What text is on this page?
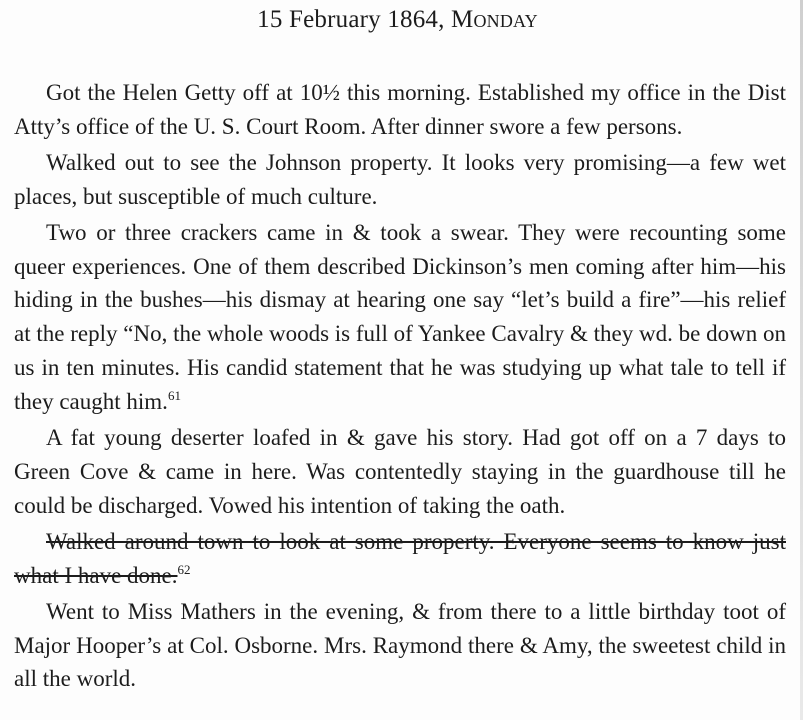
15 February 1864, Monday

Got the Helen Getty off at 10½ this morning. Established my office in the Dist Atty’s office of the U. S. Court Room. After dinner swore a few persons.

Walked out to see the Johnson property. It looks very promising—a few wet places, but susceptible of much culture.

Two or three crackers came in & took a swear. They were recounting some queer experiences. One of them described Dickinson’s men coming after him—his hiding in the bushes—his dismay at hearing one say “let’s build a fire”—his relief at the reply “No, the whole woods is full of Yankee Cavalry & they wd. be down on us in ten minutes. His candid statement that he was studying up what tale to tell if they caught him.$^{61}$

A fat young deserter loafed in & gave his story. Had got off on a 7 days to Green Cove & came in here. Was contentedly staying in the guardhouse till he could be discharged. Vowed his intention of taking the oath.

Walked around town to look at some property. Everyone seems to know just what I have done.$^{62}$

Went to Miss Mathers in the evening, & from there to a little birthday toot of Major Hooper’s at Col. Osborne. Mrs. Raymond there & Amy, the sweetest child in all the world.
